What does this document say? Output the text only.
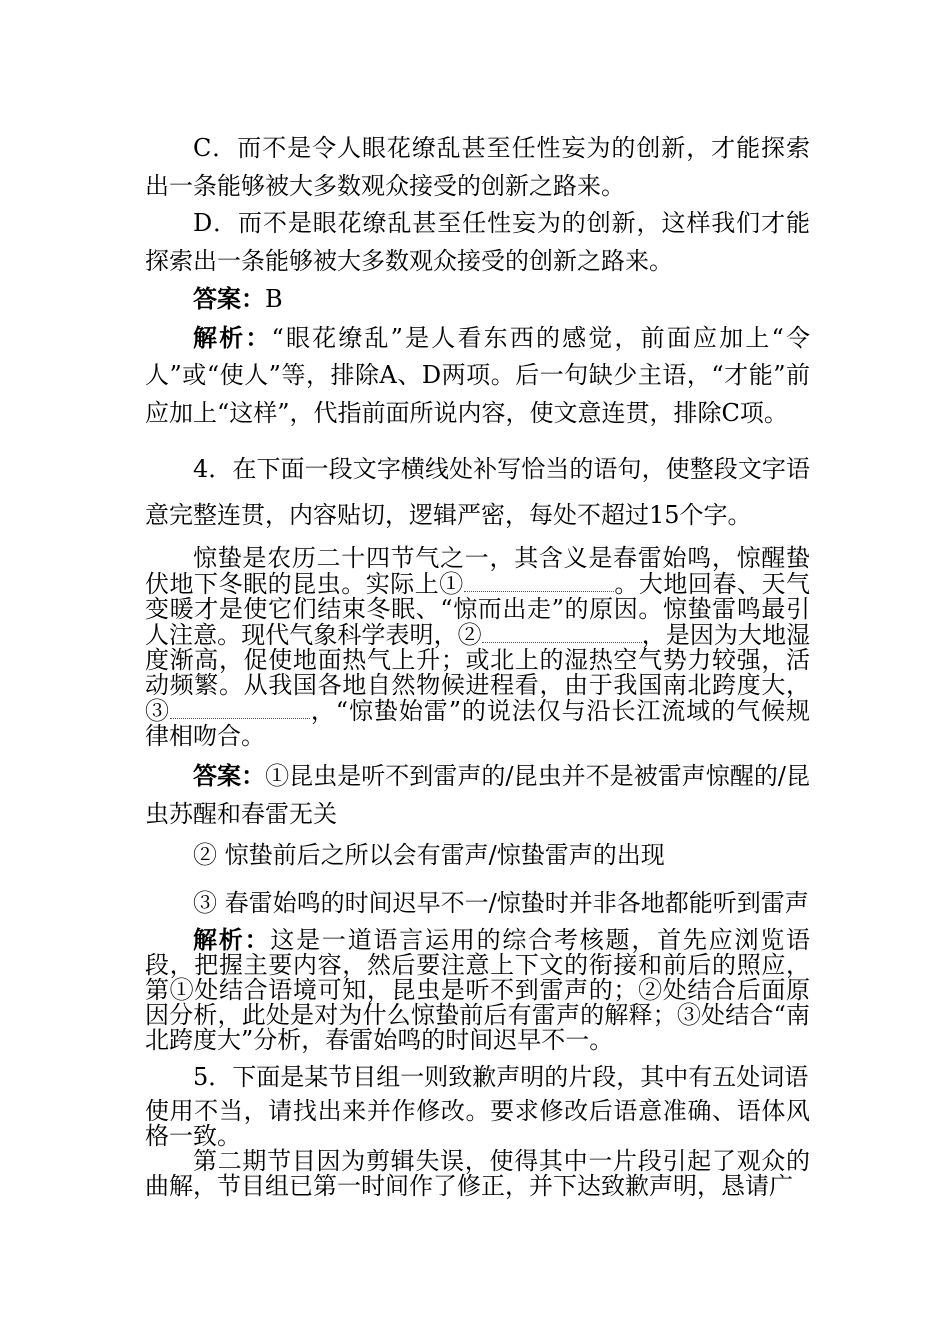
C．而不是令人眼花缭乱甚至任性妄为的创新，才能探索出一条能够被大多数观众接受的创新之路来。

D．而不是眼花缭乱甚至任性妄为的创新，这样我们才能探索出一条能够被大多数观众接受的创新之路来。

答案：B

解析：“眼花缭乱”是人看东西的感觉，前面应加上“令人”或“使人”等，排除A、D两项。后一句缺少主语，“才能”前应加上“这样”，代指前面所说内容，使文意连贯，排除C项。

4．在下面一段文字横线处补写恰当的语句，使整段文字语意完整连贯，内容贴切，逻辑严密，每处不超过15个字。

惊蛰是农历二十四节气之一，其含义是春雷始鸣，惊醒蛰伏地下冬眠的昆虫。实际上①	。大地回春、天气变暖才是使它们结束冬眠、“惊而出走”的原因。惊蛰雷鸣最引人注意。现代气象科学表明，②	，是因为大地湿度渐高，促使地面热气上升；或北上的湿热空气势力较强，活动频繁。从我国各地自然物候进程看，由于我国南北跨度大，③	，“惊蛰始雷”的说法仅与沿长江流域的气候规律相吻合。

答案：①昆虫是听不到雷声的/昆虫并不是被雷声惊醒的/昆虫苏醒和春雷无关

② 惊蛰前后之所以会有雷声/惊蛰雷声的出现

③ 春雷始鸣的时间迟早不一/惊蛰时并非各地都能听到雷声

解析：这是一道语言运用的综合考核题，首先应浏览语段，把握主要内容，然后要注意上下文的衔接和前后的照应，第①处结合语境可知，昆虫是听不到雷声的；②处结合后面原因分析，此处是对为什么惊蛰前后有雷声的解释；③处结合“南北跨度大”分析，春雷始鸣的时间迟早不一。

5．下面是某节目组一则致歉声明的片段，其中有五处词语

使用不当，请找出来并作修改。要求修改后语意准确、语体风格一致。

第二期节目因为剪辑失误，使得其中一片段引起了观众的曲解，节目组已第一时间作了修正，并下达致歉声明，恳请广
